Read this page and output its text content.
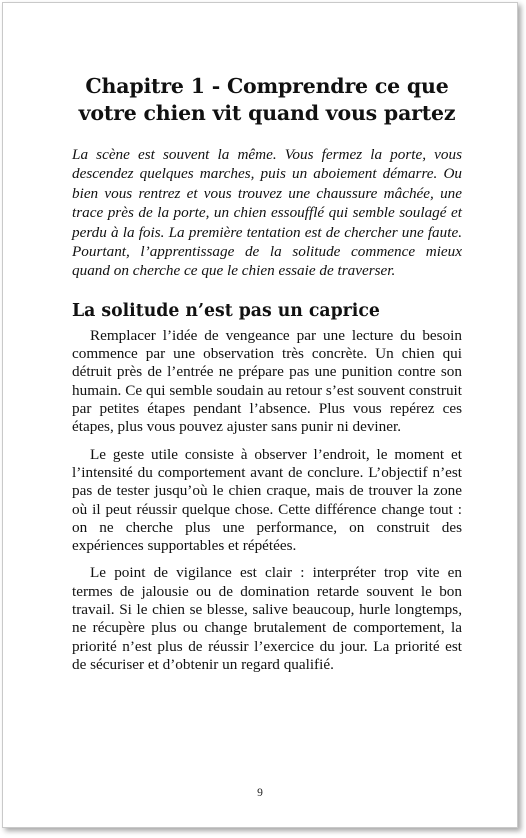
Chapitre 1 - Comprendre ce que
votre chien vit quand vous partez

La scène est souvent la même. Vous fermez la porte, vous descendez quelques marches, puis un aboiement démarre. Ou bien vous rentrez et vous trouvez une chaussure mâchée, une trace près de la porte, un chien essoufflé qui semble soulagé et perdu à la fois. La première tentation est de chercher une faute. Pourtant, l’apprentissage de la solitude commence mieux quand on cherche ce que le chien essaie de traverser.

La solitude n’est pas un caprice

Remplacer l’idée de vengeance par une lecture du besoin commence par une observation très concrète. Un chien qui détruit près de l’entrée ne prépare pas une punition contre son humain. Ce qui semble soudain au retour s’est souvent construit par petites étapes pendant l’absence. Plus vous repérez ces étapes, plus vous pouvez ajuster sans punir ni deviner.

Le geste utile consiste à observer l’endroit, le moment et l’intensité du comportement avant de conclure. L’objectif n’est pas de tester jusqu’où le chien craque, mais de trouver la zone où il peut réussir quelque chose. Cette différence change tout : on ne cherche plus une performance, on construit des expériences supportables et répétées.

Le point de vigilance est clair : interpréter trop vite en termes de jalousie ou de domination retarde souvent le bon travail. Si le chien se blesse, salive beaucoup, hurle longtemps, ne récupère plus ou change brutalement de comportement, la priorité n’est plus de réussir l’exercice du jour. La priorité est de sécuriser et d’obtenir un regard qualifié.

9
